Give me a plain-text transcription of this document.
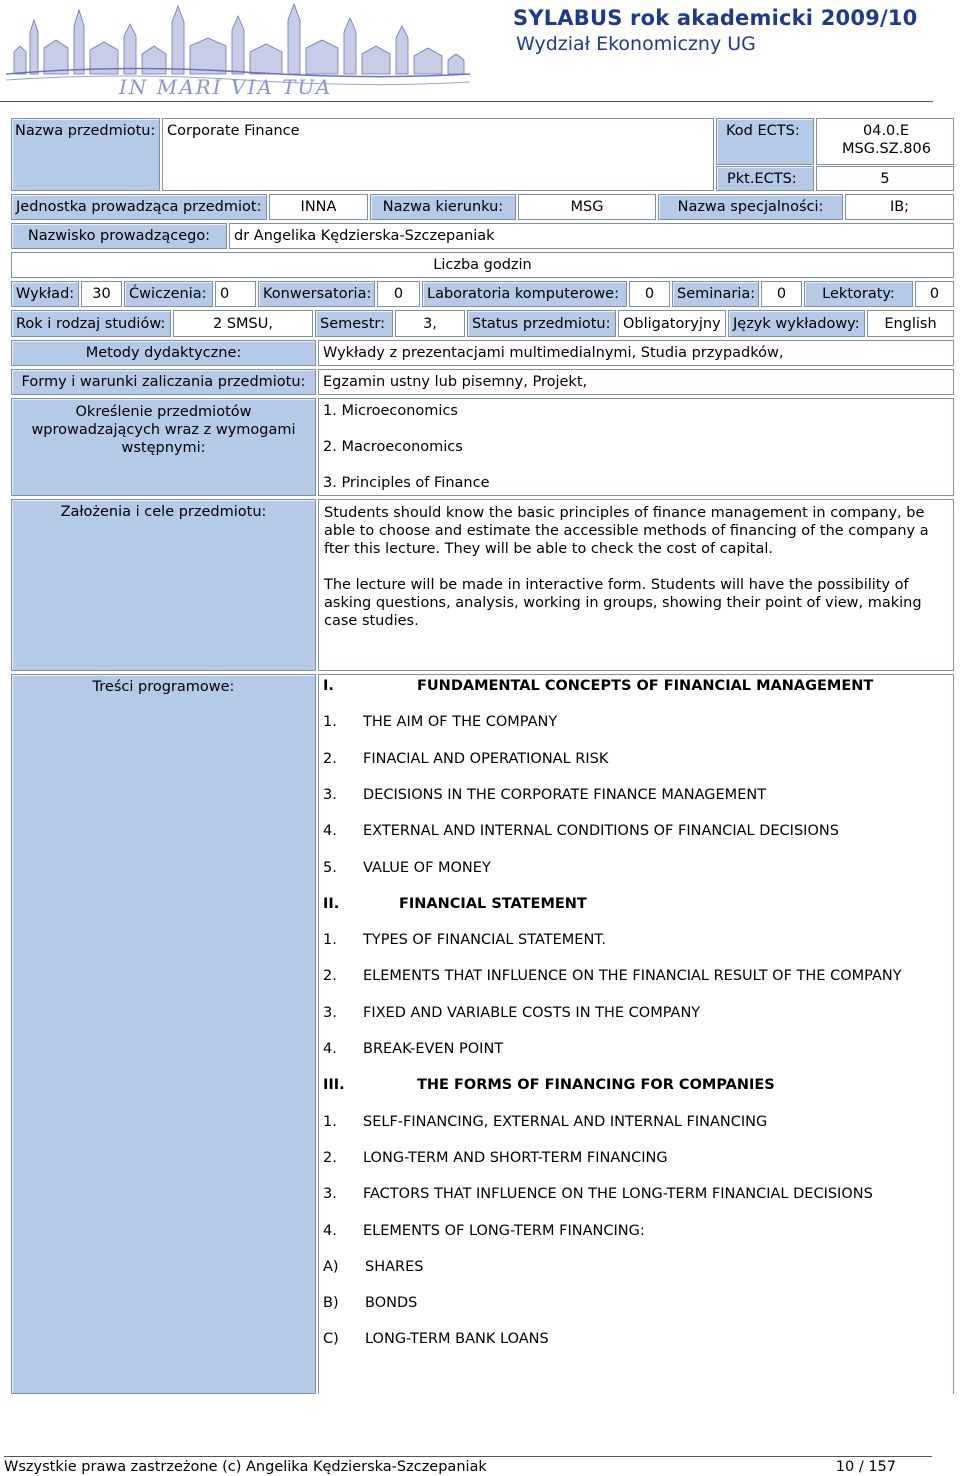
IN MARI VIA TUA
SYLABUS rok akademicki 2009/10
Wydział Ekonomiczny UG
Nazwa przedmiotu: Corporate Finance	Kod ECTS:	04.0.E
MSG.SZ.806
Pkt.ECTS:	5
Jednostka prowadząca przedmiot:	INNA	Nazwa kierunku:	MSG	Nazwa specjalności:	IB;
Nazwisko prowadzącego: dr Angelika Kędzierska-Szczepaniak
Liczba godzin
Wykład: 30 Ćwiczenia: 0 Konwersatoria: 0 Laboratoria komputerowe: 0 Seminaria: 0 Lektoraty: 0
Rok i rodzaj studiów:	2 SMSU,	Semestr:	3, Status przedmiotu: Obligatoryjny Język wykładowy: English
Metody dydaktyczne:	Wykłady z prezentacjami multimedialnymi, Studia przypadków,
Formy i warunki zaliczania przedmiotu: Egzamin ustny lub pisemny, Projekt,
Określenie przedmiotów
wprowadzających wraz z wymogami
wstępnymi:
1. Microeconomics
2. Macroeconomics
3. Principles of Finance
Założenia i cele przedmiotu:	Students should know the basic principles of finance management in company, be
able to choose and estimate the accessible methods of financing of the company a
fter this lecture. They will be able to check the cost of capital.
The lecture will be made in interactive form. Students will have the possibility of
asking questions, analysis, working in groups, showing their point of view, making
case studies.
Treści programowe:	I.	FUNDAMENTAL CONCEPTS OF FINANCIAL MANAGEMENT
1. THE AIM OF THE COMPANY
2. FINACIAL AND OPERATIONAL RISK
3. DECISIONS IN THE CORPORATE FINANCE MANAGEMENT
4. EXTERNAL AND INTERNAL CONDITIONS OF FINANCIAL DECISIONS
5. VALUE OF MONEY
II.	FINANCIAL STATEMENT
1. TYPES OF FINANCIAL STATEMENT.
2. ELEMENTS THAT INFLUENCE ON THE FINANCIAL RESULT OF THE COMPANY
3. FIXED AND VARIABLE COSTS IN THE COMPANY
4. BREAK-EVEN POINT
III.	THE FORMS OF FINANCING FOR COMPANIES
1. SELF-FINANCING, EXTERNAL AND INTERNAL FINANCING
2. LONG-TERM AND SHORT-TERM FINANCING
3. FACTORS THAT INFLUENCE ON THE LONG-TERM FINANCIAL DECISIONS
4. ELEMENTS OF LONG-TERM FINANCING:
A) SHARES
B) BONDS
C) LONG-TERM BANK LOANS
Wszystkie prawa zastrzeżone (c) Angelika Kędzierska-Szczepaniak	10 / 157
